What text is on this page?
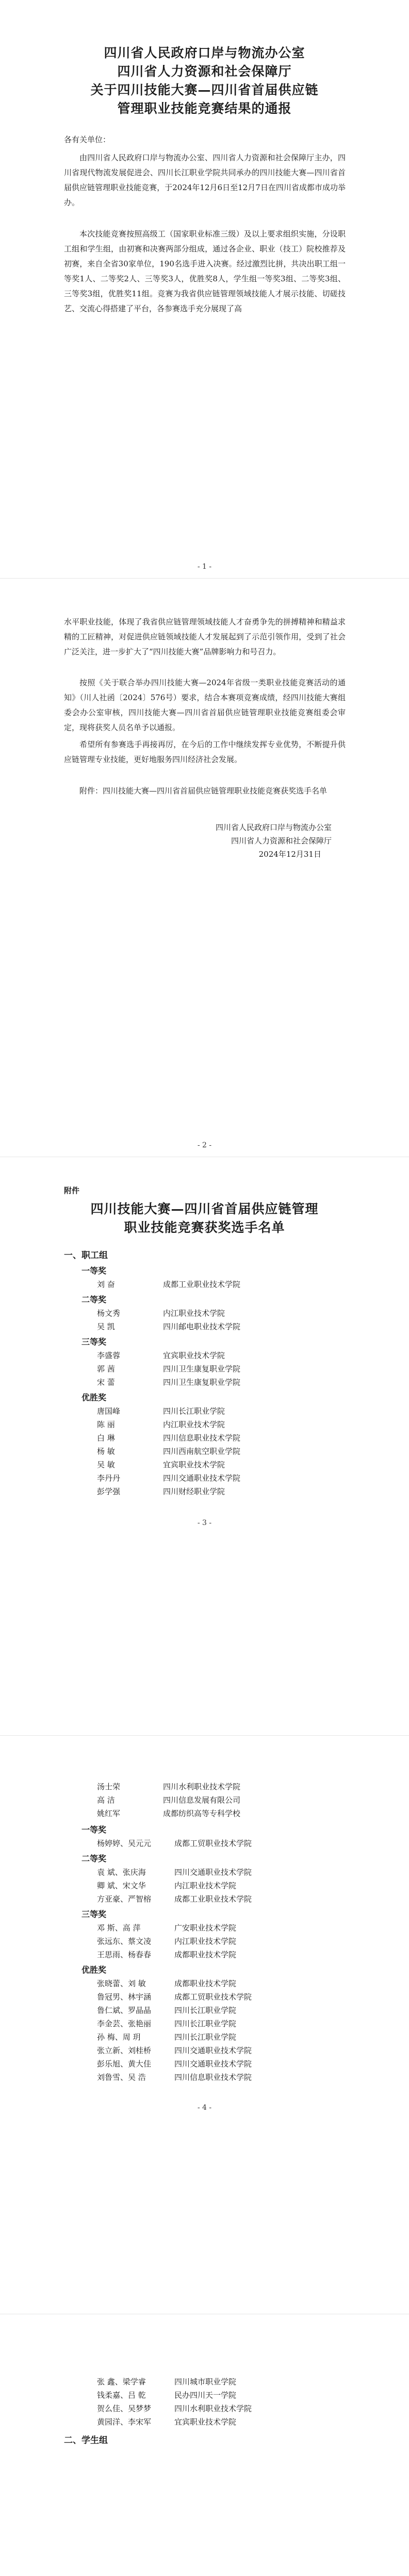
四川省人民政府口岸与物流办公室
四川省人力资源和社会保障厅
关于四川技能大赛—四川省首届供应链
管理职业技能竞赛结果的通报
各有关单位：

由四川省人民政府口岸与物流办公室、四川省人力资源和社会保障厅主办，四川省现代物流发展促进会、四川长江职业学院共同承办的四川技能大赛—四川省首届供应链管理职业技能竞赛，于2024年12月6日至12月7日在四川省成都市成功举办。

本次技能竞赛按照高级工（国家职业标准三级）及以上要求组织实施，分设职工组和学生组，由初赛和决赛两部分组成，通过各企业、职业（技工）院校推荐及初赛，来自全省30家单位，190名选手进入决赛。经过激烈比拼，共决出职工组一等奖1人、二等奖2人、三等奖3人，优胜奖8人，学生组一等奖3组、二等奖3组、三等奖3组，优胜奖11组。竞赛为我省供应链管理领域技能人才展示技能、切磋技艺、交流心得搭建了平台，各参赛选手充分展现了高

- 1 -

水平职业技能，体现了我省供应链管理领域技能人才奋勇争先的拼搏精神和精益求精的工匠精神，对促进供应链领域技能人才发展起到了示范引领作用，受到了社会广泛关注，进一步扩大了“四川技能大赛”品牌影响力和号召力。

按照《关于联合举办四川技能大赛—2024年省级一类职业技能竞赛活动的通知》（川人社函〔2024〕576号）要求，结合本赛项竞赛成绩，经四川技能大赛组委会办公室审核，四川技能大赛—四川省首届供应链管理职业技能竞赛组委会审定，现将获奖人员名单予以通报。

希望所有参赛选手再接再厉，在今后的工作中继续发挥专业优势，不断提升供应链管理专业技能，更好地服务四川经济社会发展。

附件：四川技能大赛—四川省首届供应链管理职业技能竞赛获奖选手名单

四川省人民政府口岸与物流办公室
四川省人力资源和社会保障厅
2024年12月31日
- 2 -
附件
四川技能大赛—四川省首届供应链管理
职业技能竞赛获奖选手名单
一、职工组
一等奖
刘 奋	成都工业职业技术学院
二等奖
杨文秀	内江职业技术学院
吴 凯	四川邮电职业技术学院
三等奖
李盛蓉	宜宾职业技术学院
郭 茜	四川卫生康复职业学院
宋 蕾	四川卫生康复职业学院
优胜奖
唐国峰	四川长江职业学院
陈 丽	内江职业技术学院
白 琳	四川信息职业技术学院
杨 敏	四川西南航空职业学院
吴 敏	宜宾职业技术学院
李丹丹	四川交通职业技术学院
彭学强	四川财经职业学院
- 3 -
汤士荣	四川水利职业技术学院
高 洁	四川信息发展有限公司
姚红军	成都纺织高等专科学校
一等奖
杨婷婷、吴元元	成都工贸职业技术学院
二等奖
袁 斌、张庆海	四川交通职业技术学院
卿 斌、宋文华	内江职业技术学院
方亚豪、严智榕	成都工业职业技术学院
三等奖
邓 斯、高 萍	广安职业技术学院
张远东、蔡文凌	内江职业技术学院
王思雨、杨春春	成都职业技术学院
优胜奖
张晓蕾、刘 敏	成都职业技术学院
鲁冠男、林宇涵	成都工贸职业技术学院
鲁仁斌、罗晶晶	四川长江职业学院
李金芸、张艳丽	四川长江职业学院
孙 梅、周 玥	四川长江职业学院
张立新、刘桂桥	四川交通职业技术学院
彭乐旭、黄大佳	四川交通职业技术学院
刘鲁雪、吴 浩	四川信息职业技术学院
- 4 -
张 鑫、梁学睿	四川城市职业学院
钱柔嘉、吕 乾	民办四川天一学院
贺么佳、吴梦梦	四川水利职业技术学院
黄园洋、李宋军	宜宾职业技术学院
二、学生组
